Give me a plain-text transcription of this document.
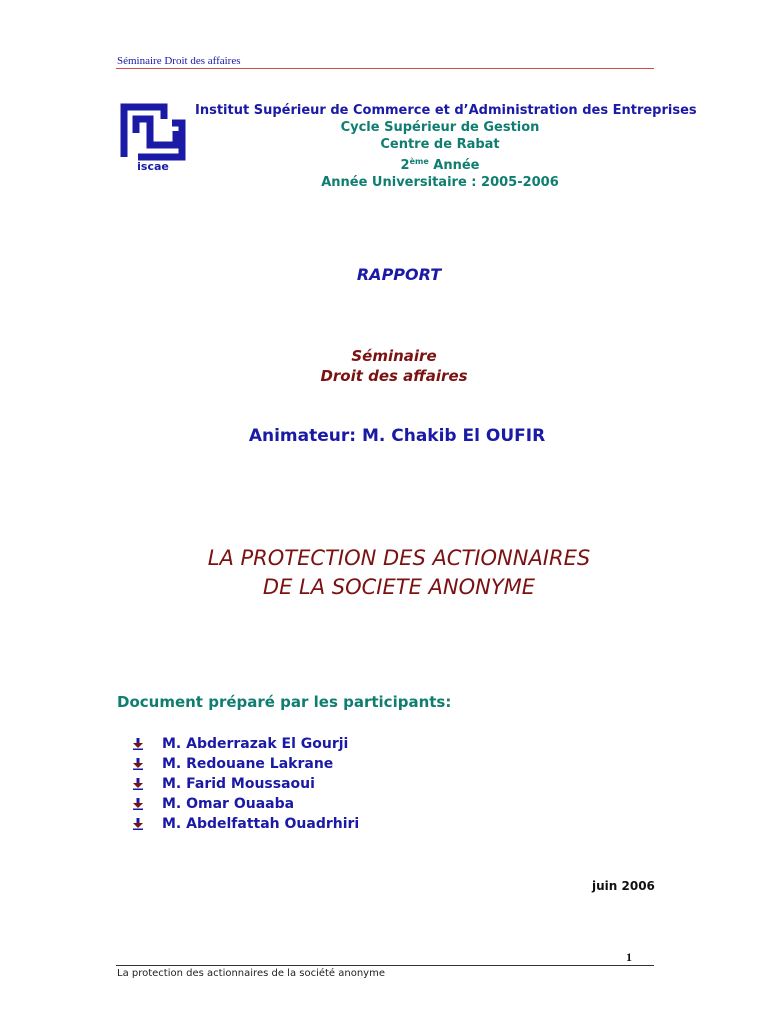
Séminaire Droit des affaires
iscae
Institut Supérieur de Commerce et d’Administration des Entreprises
Cycle Supérieur de Gestion
Centre de Rabat
2ème Année
Année Universitaire : 2005-2006
RAPPORT
Séminaire
Droit des affaires
Animateur: M. Chakib El OUFIR
LA PROTECTION DES ACTIONNAIRES
DE LA SOCIETE ANONYME
Document préparé par les participants:
M. Abderrazak El Gourji
M. Redouane Lakrane
M. Farid Moussaoui
M. Omar Ouaaba
M. Abdelfattah Ouadrhiri
juin 2006
1
La protection des actionnaires de la société anonyme
